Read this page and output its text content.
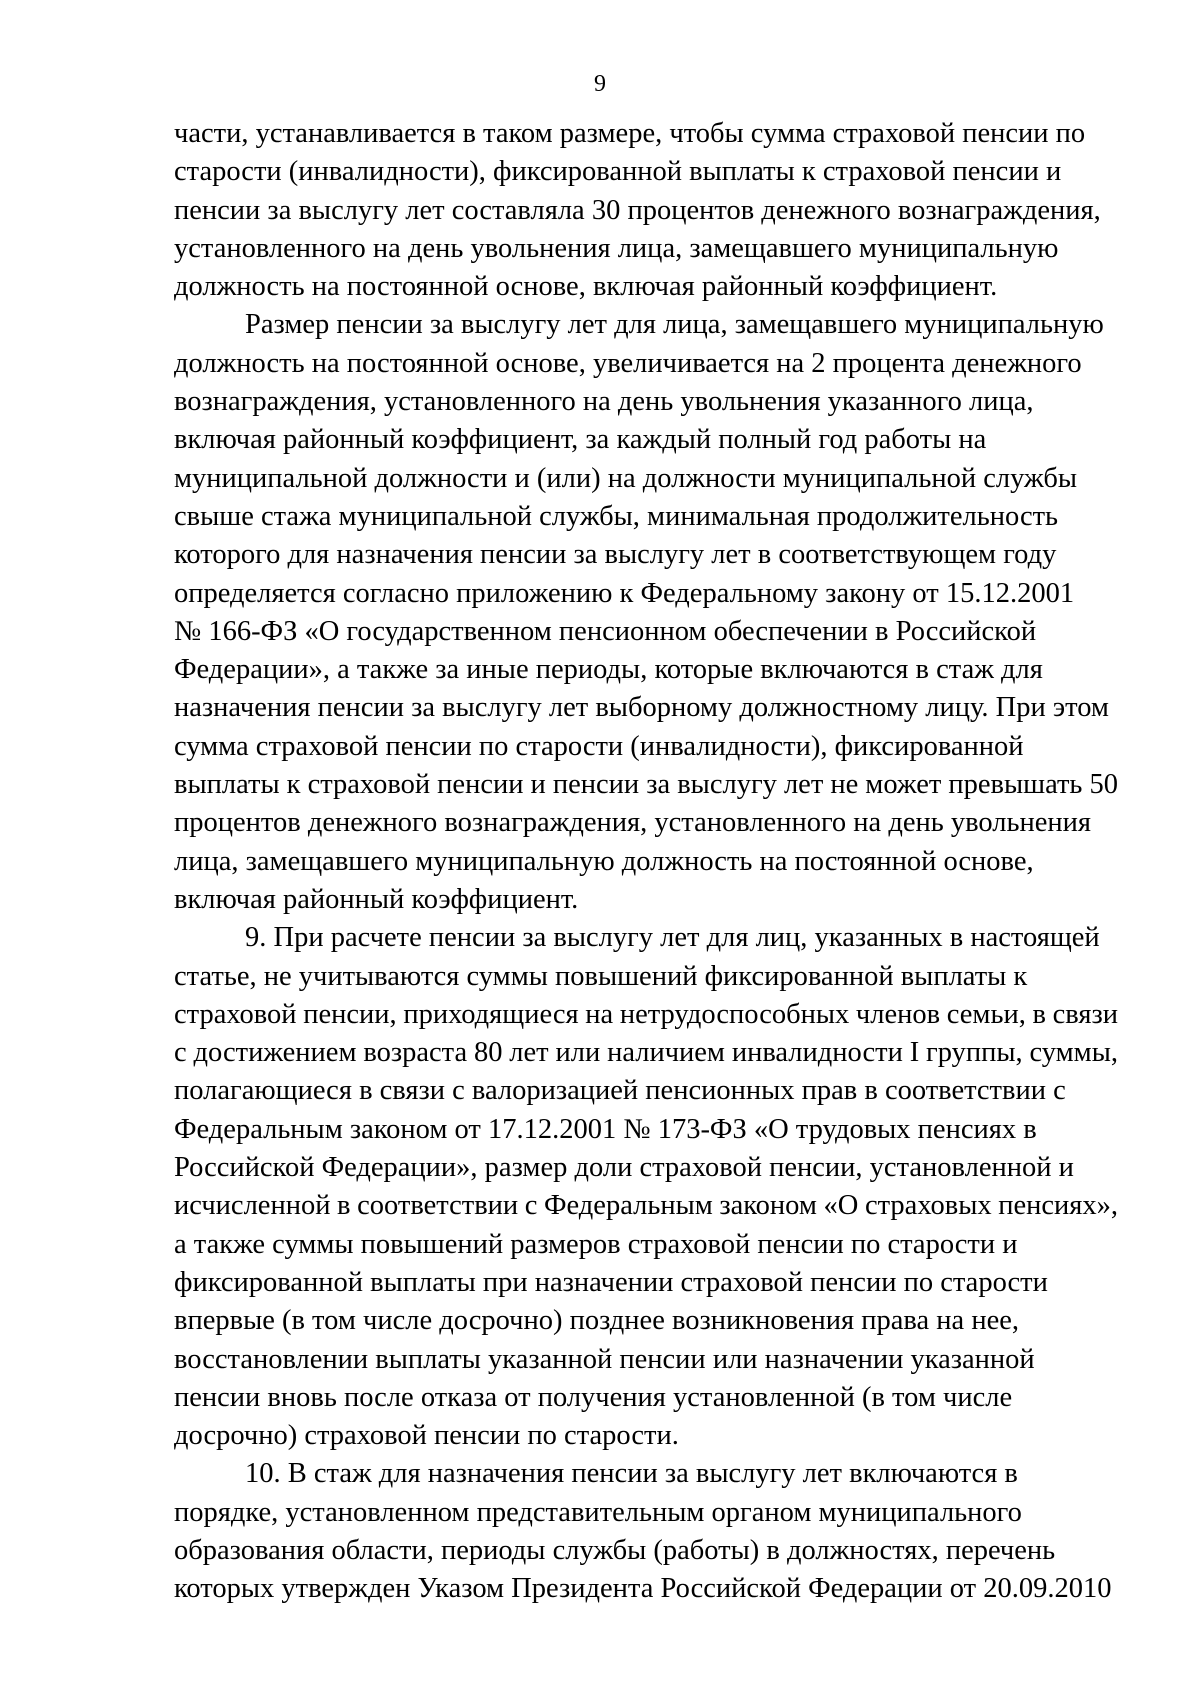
9
части, устанавливается в таком размере, чтобы сумма страховой пенсии по
старости (инвалидности), фиксированной выплаты к страховой пенсии и
пенсии за выслугу лет составляла 30 процентов денежного вознаграждения,
установленного на день увольнения лица, замещавшего муниципальную
должность на постоянной основе, включая районный коэффициент.
Размер пенсии за выслугу лет для лица, замещавшего муниципальную
должность на постоянной основе, увеличивается на 2 процента денежного
вознаграждения, установленного на день увольнения указанного лица,
включая районный коэффициент, за каждый полный год работы на
муниципальной должности и (или) на должности муниципальной службы
свыше стажа муниципальной службы, минимальная продолжительность
которого для назначения пенсии за выслугу лет в соответствующем году
определяется согласно приложению к Федеральному закону от 15.12.2001
№ 166-ФЗ «О государственном пенсионном обеспечении в Российской
Федерации», а также за иные периоды, которые включаются в стаж для
назначения пенсии за выслугу лет выборному должностному лицу. При этом
сумма страховой пенсии по старости (инвалидности), фиксированной
выплаты к страховой пенсии и пенсии за выслугу лет не может превышать 50
процентов денежного вознаграждения, установленного на день увольнения
лица, замещавшего муниципальную должность на постоянной основе,
включая районный коэффициент.
9. При расчете пенсии за выслугу лет для лиц, указанных в настоящей
статье, не учитываются суммы повышений фиксированной выплаты к
страховой пенсии, приходящиеся на нетрудоспособных членов семьи, в связи
с достижением возраста 80 лет или наличием инвалидности I группы, суммы,
полагающиеся в связи с валоризацией пенсионных прав в соответствии с
Федеральным законом от 17.12.2001 № 173-ФЗ «О трудовых пенсиях в
Российской Федерации», размер доли страховой пенсии, установленной и
исчисленной в соответствии с Федеральным законом «О страховых пенсиях»,
а также суммы повышений размеров страховой пенсии по старости и
фиксированной выплаты при назначении страховой пенсии по старости
впервые (в том числе досрочно) позднее возникновения права на нее,
восстановлении выплаты указанной пенсии или назначении указанной
пенсии вновь после отказа от получения установленной (в том числе
досрочно) страховой пенсии по старости.
10. В стаж для назначения пенсии за выслугу лет включаются в
порядке, установленном представительным органом муниципального
образования области, периоды службы (работы) в должностях, перечень
которых утвержден Указом Президента Российской Федерации от 20.09.2010
